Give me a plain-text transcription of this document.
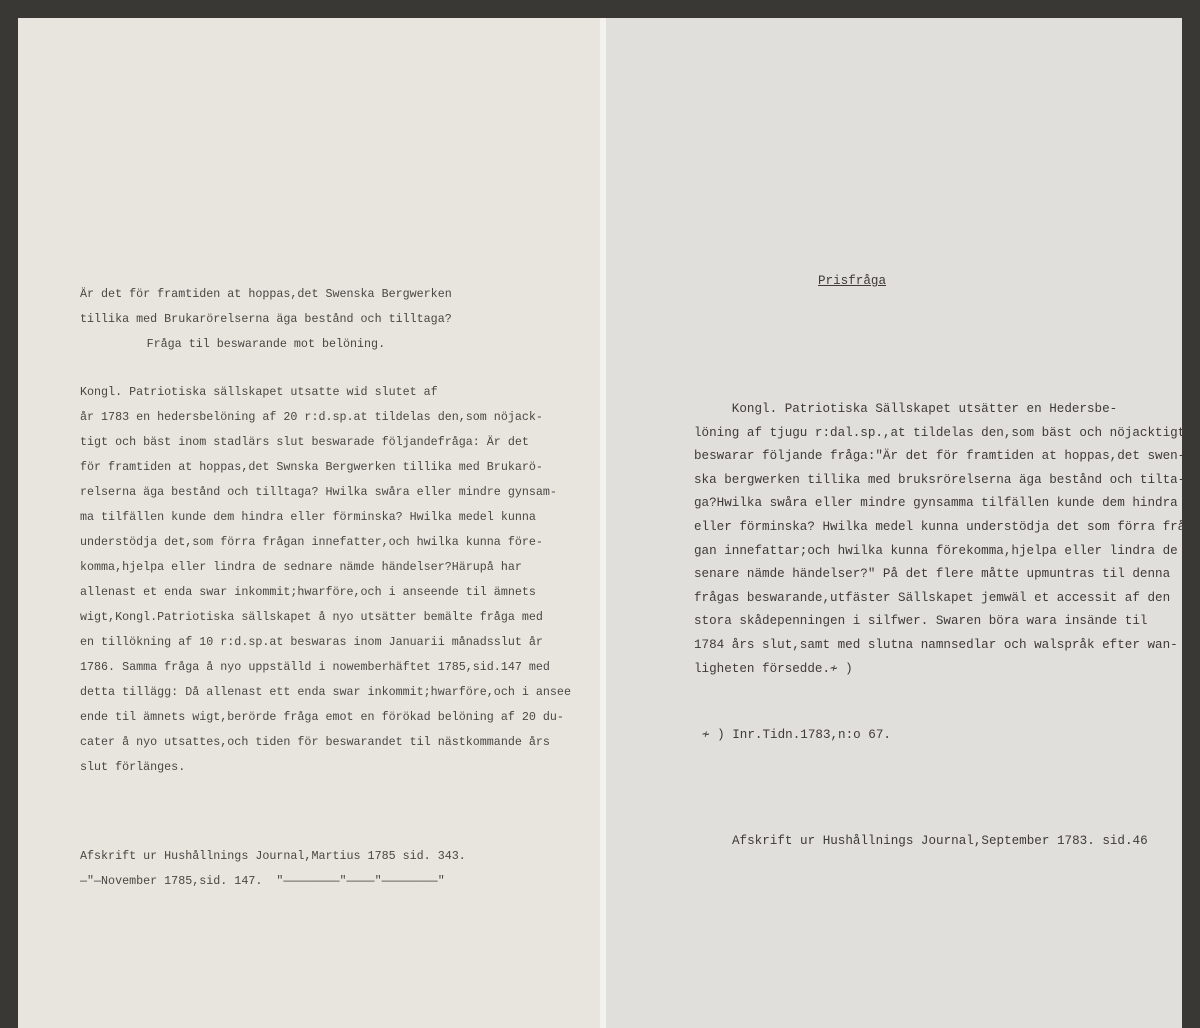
Är det för framtiden at hoppas,det Swenska Bergwerken
tillika med Brukarörelserna äga bestånd och tilltaga?
Fråga til beswarande mot belöning.
Kongl. Patriotiska sällskapet utsatte wid slutet af
år 1783 en hedersbelöning af 20 r:d.sp.at tildelas den,som nöjack-
tigt och bäst inom stadlärs slut beswarade följandefråga: Är det
för framtiden at hoppas,det Swnska Bergwerken tillika med Brukarö-
relserna äga bestånd och tilltaga? Hwilka swåra eller mindre gynsam-
ma tilfällen kunde dem hindra eller förminska? Hwilka medel kunna
understödja det,som förra frågan innefatter,och hwilka kunna före-
komma,hjelpa eller lindra de sednare nämde händelser?Härupå har
allenast et enda swar inkommit;hwarföre,och i anseende til ämnets
wigt,Kongl.Patriotiska sällskapet å nyo utsätter bemälte fråga med
en tillökning af 10 r:d.sp.at beswaras inom Januarii månadsslut år
1786. Samma fråga å nyo uppställd i nowemberhäftet 1785,sid.147 med
detta tillägg: Då allenast ett enda swar inkommit;hwarföre,och i ansee
ende til ämnets wigt,berörde fråga emot en förökad belöning af 20 du-
cater å nyo utsattes,och tiden för beswarandet til nästkommande års
slut förlänges.
Afskrift ur Hushållnings Journal,Martius 1785 sid. 343.
—"—November 1785,sid. 147.  "————————"————"————————"
Prisfråga
Kongl. Patriotiska Sällskapet utsätter en Hedersbe-
löning af tjugu r:dal.sp.,at tildelas den,som bäst och nöjacktigt
beswarar följande fråga:"Är det för framtiden at hoppas,det swen-
ska bergwerken tillika med bruksrörelserna äga bestånd och tilta-
ga?Hwilka swåra eller mindre gynsamma tilfällen kunde dem hindra
eller förminska? Hwilka medel kunna understödja det som förra frå-
gan innefattar;och hwilka kunna förekomma,hjelpa eller lindra de
senare nämde händelser?" På det flere måtte upmuntras til denna
frågas beswarande,utfäster Sällskapet jemwäl et accessit af den
stora skådepenningen i silfwer. Swaren böra wara insände til
1784 års slut,samt med slutna namnsedlar och walspråk efter wan-
ligheten försedde.≁ )
≁ ) Inr.Tidn.1783,n:o 67.
Afskrift ur Hushållnings Journal,September 1783. sid.46
